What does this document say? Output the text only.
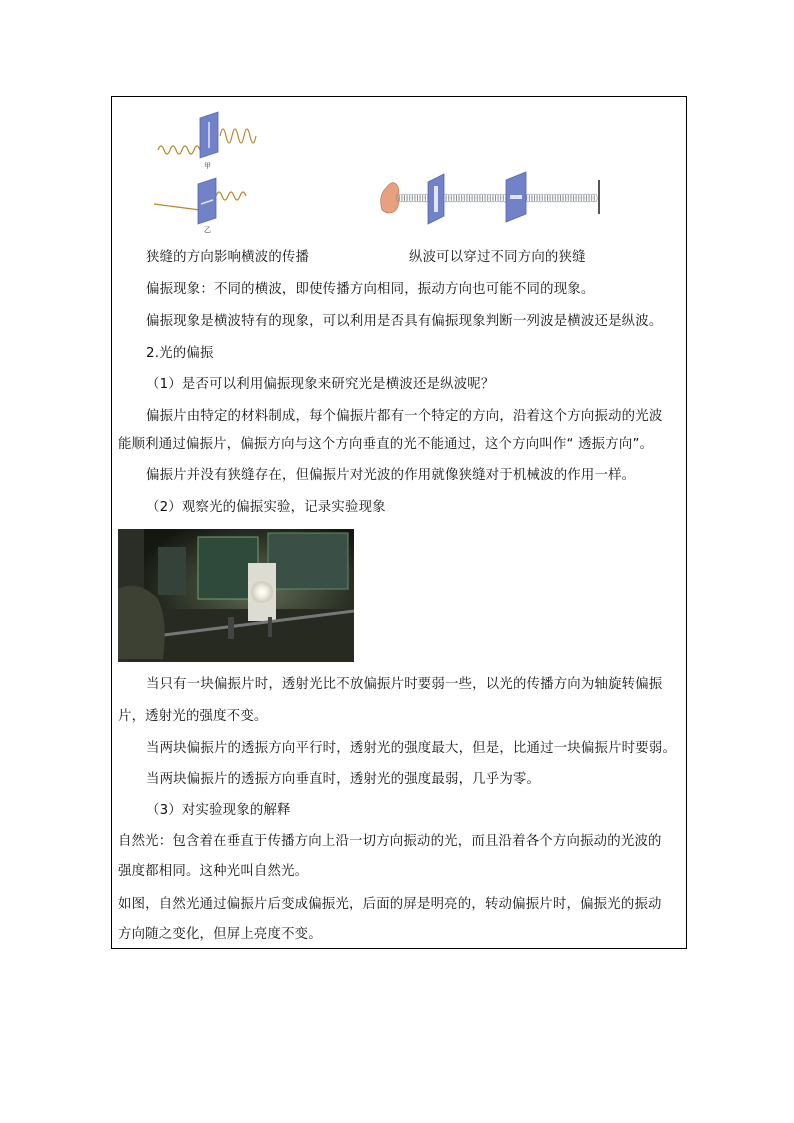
甲
乙
狭缝的方向影响横波的传播	纵波可以穿过不同方向的狭缝
偏振现象：不同的横波，即使传播方向相同，振动方向也可能不同的现象。
偏振现象是横波特有的现象，可以利用是否具有偏振现象判断一列波是横波还是纵波。
2.光的偏振
（1）是否可以利用偏振现象来研究光是横波还是纵波呢？
偏振片由特定的材料制成，每个偏振片都有一个特定的方向，沿着这个方向振动的光波
能顺利通过偏振片，偏振方向与这个方向垂直的光不能通过，这个方向叫作“ 透振方向”。
偏振片并没有狭缝存在，但偏振片对光波的作用就像狭缝对于机械波的作用一样。
（2）观察光的偏振实验，记录实验现象
当只有一块偏振片时，透射光比不放偏振片时要弱一些，以光的传播方向为轴旋转偏振
片，透射光的强度不变。
当两块偏振片的透振方向平行时，透射光的强度最大，但是，比通过一块偏振片时要弱。
当两块偏振片的透振方向垂直时，透射光的强度最弱，几乎为零。
（3）对实验现象的解释
自然光：包含着在垂直于传播方向上沿一切方向振动的光，而且沿着各个方向振动的光波的
强度都相同。这种光叫自然光。
如图，自然光通过偏振片后变成偏振光，后面的屏是明亮的，转动偏振片时，偏振光的振动
方向随之变化，但屏上亮度不变。
